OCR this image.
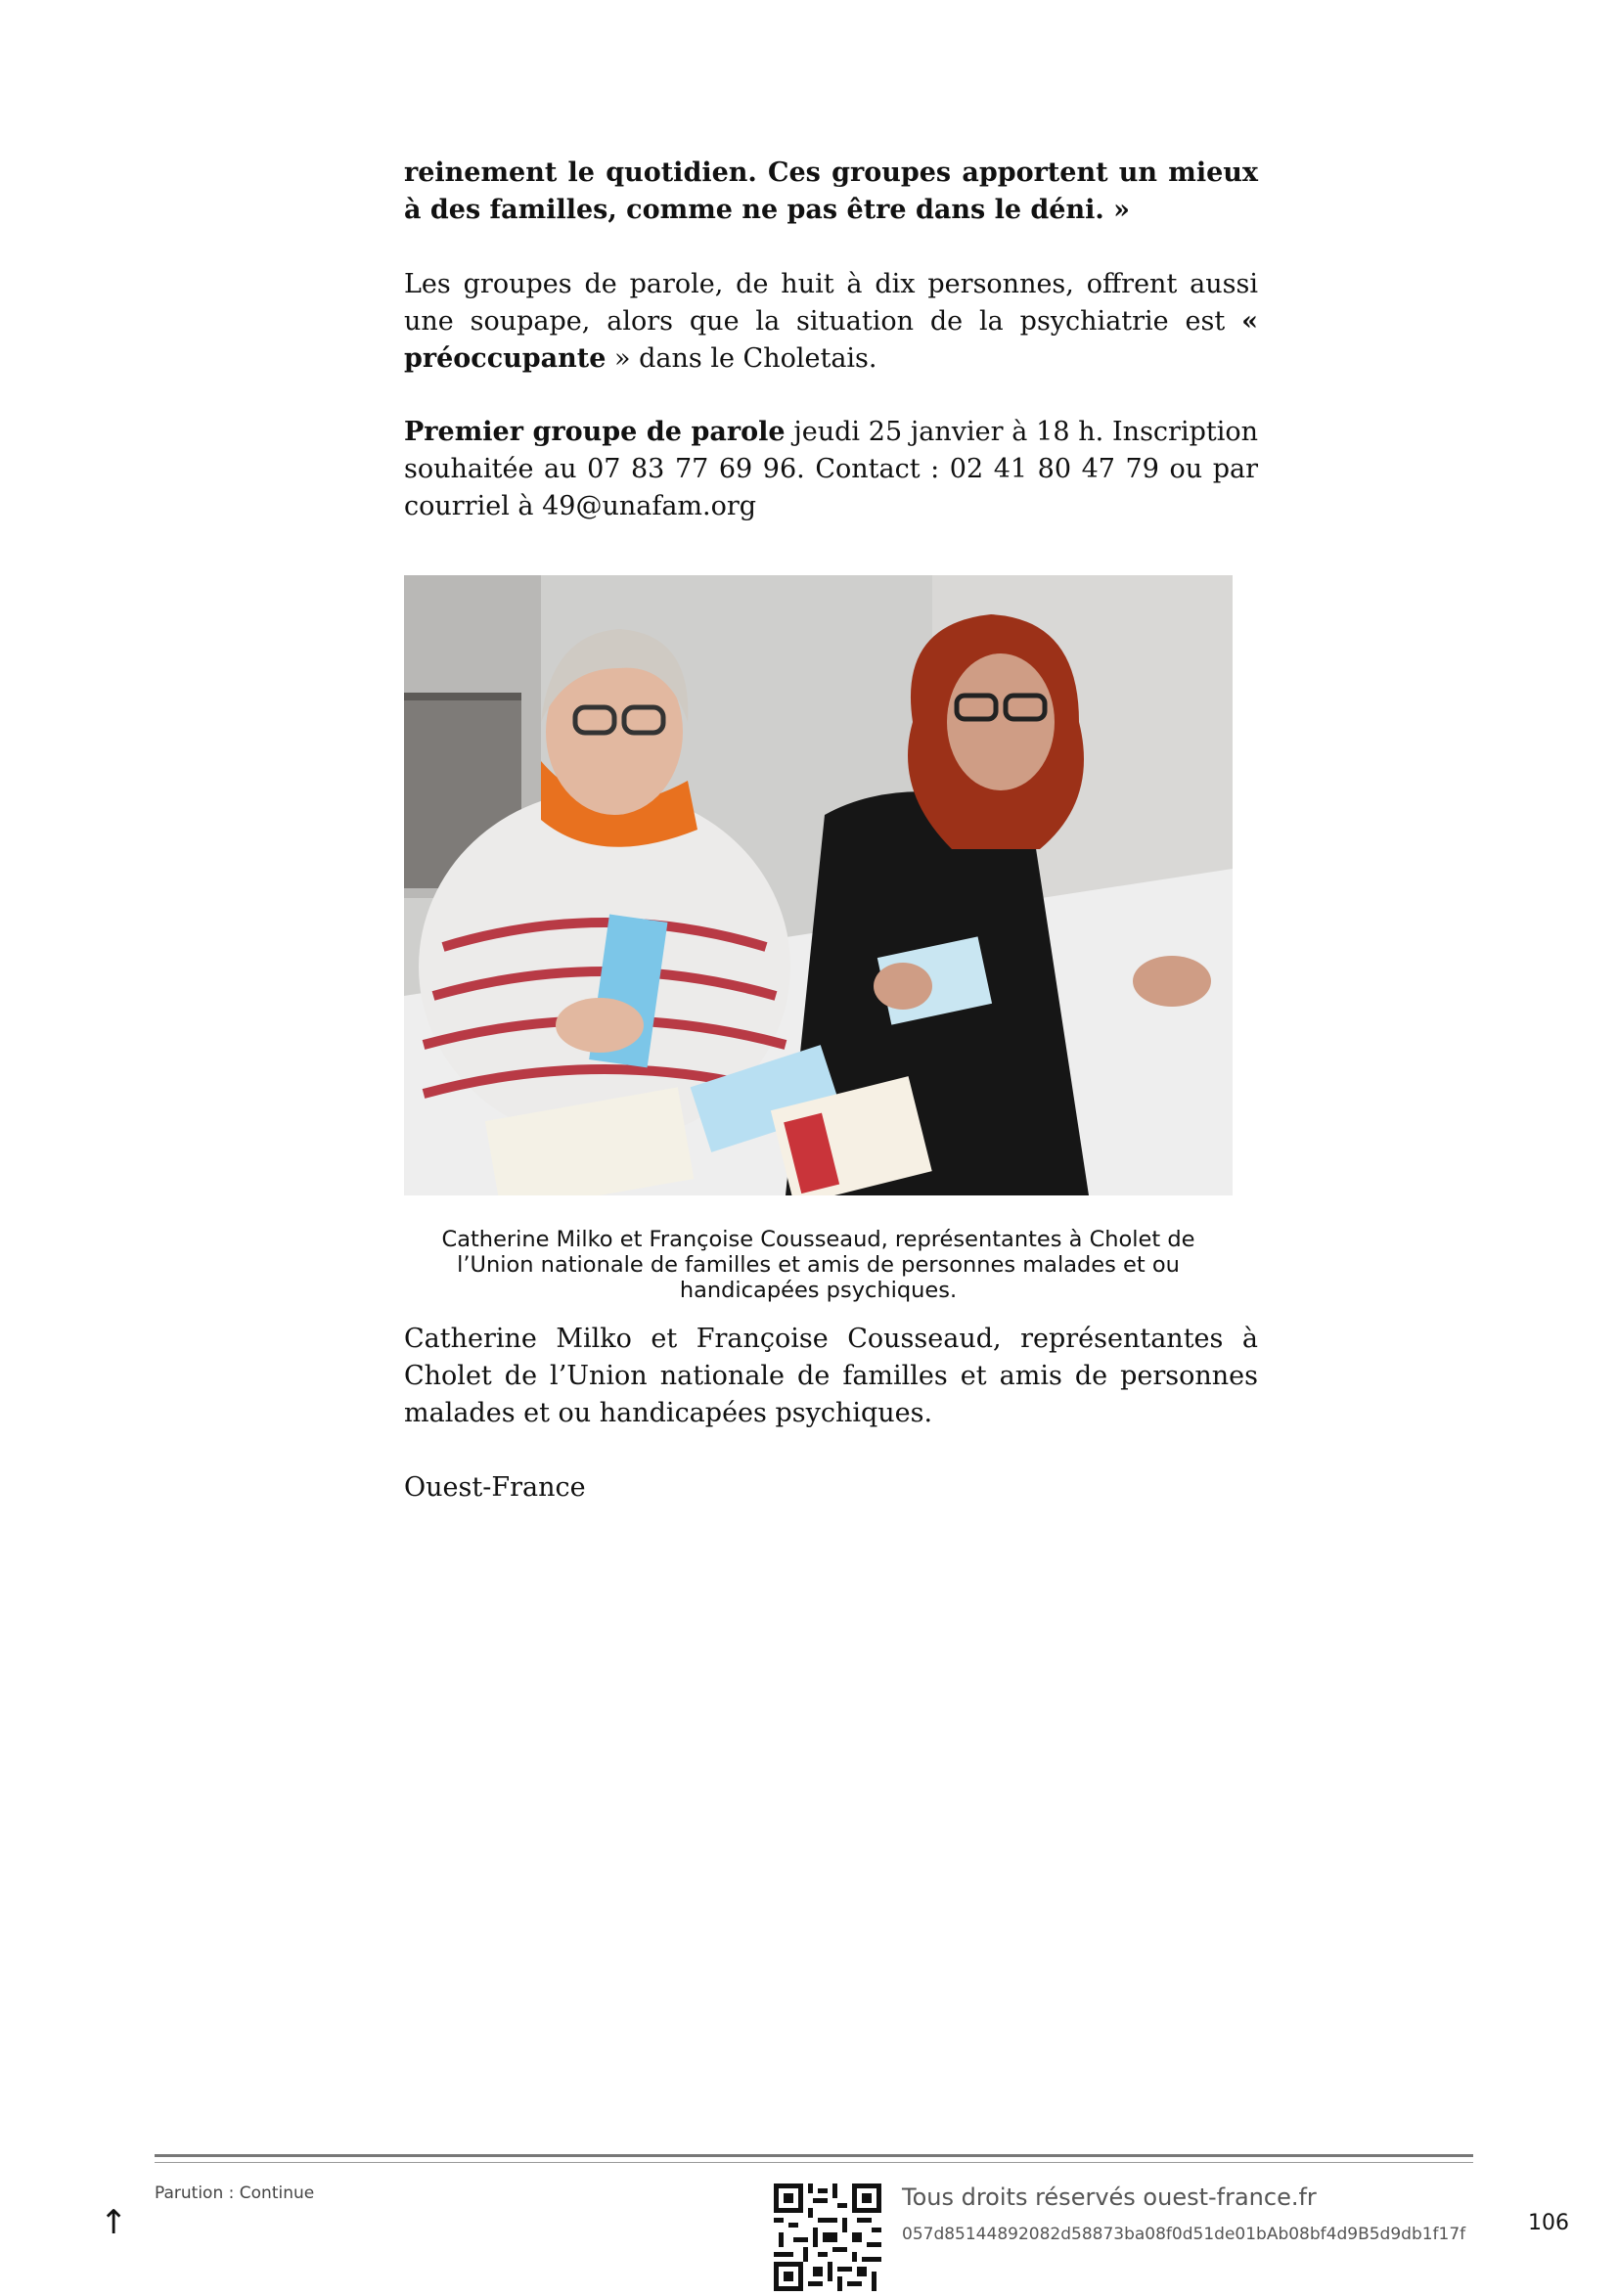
reinement le quotidien. Ces groupes apportent un mieux à des familles, comme ne pas être dans le déni. »

Les groupes de parole, de huit à dix personnes, offrent aussi une soupape, alors que la situation de la psychiatrie est « préoccupante » dans le Choletais.

Premier groupe de parole jeudi 25 janvier à 18 h. Inscription souhaitée au 07 83 77 69 96. Contact : 02 41 80 47 79 ou par courriel à 49@unafam.org

Catherine Milko et Françoise Cousseaud, représentantes à Cholet de l’Union nationale de familles et amis de personnes malades et ou handicapées psychiques.

Catherine Milko et Françoise Cousseaud, représentantes à Cholet de l’Union nationale de familles et amis de personnes malades et ou handicapées psychiques.

Ouest-France

Parution : Continue
↑
Tous droits réservés ouest-france.fr
057d85144892082d58873ba08f0d51de01bAb08bf4d9B5d9db1f17f	106
